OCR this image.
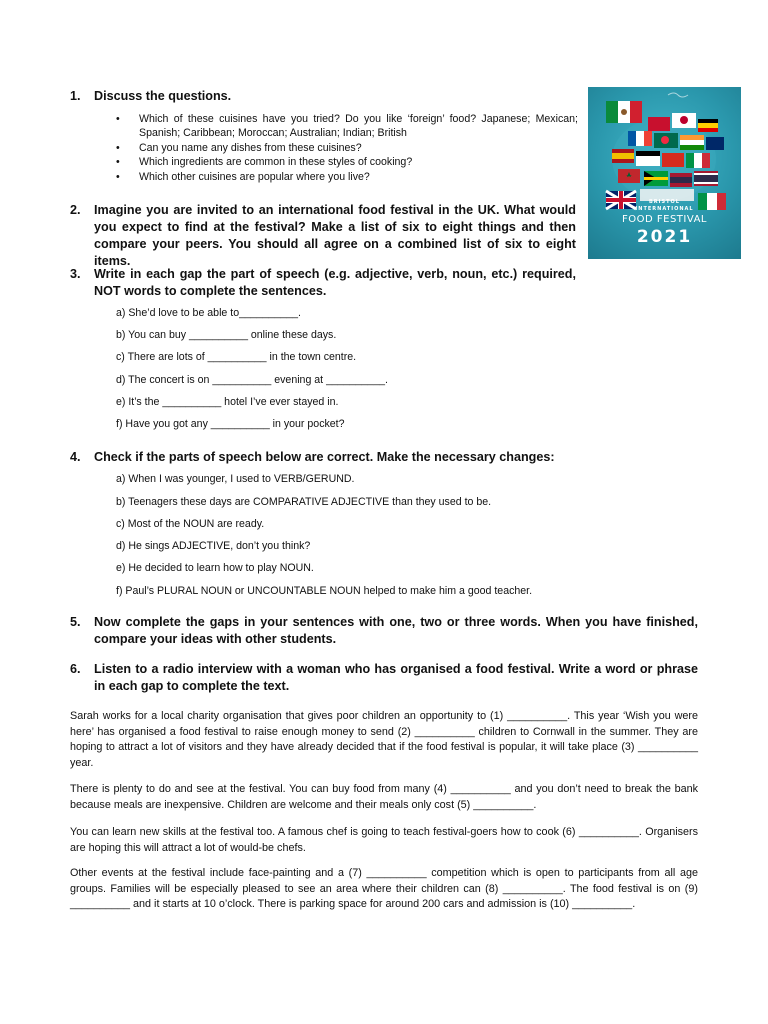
1.	Discuss the questions.
• Which of these cuisines have you tried? Do you like ‘foreign’ food? Japanese; Mexican; Spanish; Caribbean; Moroccan; Australian; Indian; British
• Can you name any dishes from these cuisines?
• Which ingredients are common in these styles of cooking?
• Which other cuisines are popular where you live?
2.	Imagine you are invited to an international food festival in the UK. What would you expect to find at the festival? Make a list of six to eight things and then compare your peers. You should all agree on a combined list of six to eight items.
3.	Write in each gap the part of speech (e.g. adjective, verb, noun, etc.) required, NOT words to complete the sentences.
a) She’d love to be able to__________.
b) You can buy __________ online these days.
c) There are lots of __________ in the town centre.
d) The concert is on __________ evening at __________.
e) It’s the __________ hotel I’ve ever stayed in.
f) Have you got any __________ in your pocket?
4.	Check if the parts of speech below are correct. Make the necessary changes:
a) When I was younger, I used to VERB/GERUND.
b) Teenagers these days are COMPARATIVE ADJECTIVE than they used to be.
c) Most of the NOUN are ready.
d) He sings ADJECTIVE, don’t you think?
e) He decided to learn how to play NOUN.
f) Paul’s PLURAL NOUN or UNCOUNTABLE NOUN helped to make him a good teacher.
5.	Now complete the gaps in your sentences with one, two or three words. When you have finished, compare your ideas with other students.
6.	Listen to a radio interview with a woman who has organised a food festival. Write a word or phrase in each gap to complete the text.
Sarah works for a local charity organisation that gives poor children an opportunity to (1) __________. This year ‘Wish you were here’ has organised a food festival to raise enough money to send (2) __________ children to Cornwall in the summer. They are hoping to attract a lot of visitors and they have already decided that if the food festival is popular, it will take place (3) __________ year.
There is plenty to do and see at the festival. You can buy food from many (4) __________ and you don’t need to break the bank because meals are inexpensive. Children are welcome and their meals only cost (5) __________.
You can learn new skills at the festival too. A famous chef is going to teach festival-goers how to cook (6) __________. Organisers are hoping this will attract a lot of would-be chefs.
Other events at the festival include face-painting and a (7) __________ competition which is open to participants from all age groups. Families will be especially pleased to see an area where their children can (8) __________. The food festival is on (9) __________ and it starts at 10 o’clock. There is parking space for around 200 cars and admission is (10) __________.
BRISTOL
INTERNATIONAL
FOOD FESTIVAL
2021
